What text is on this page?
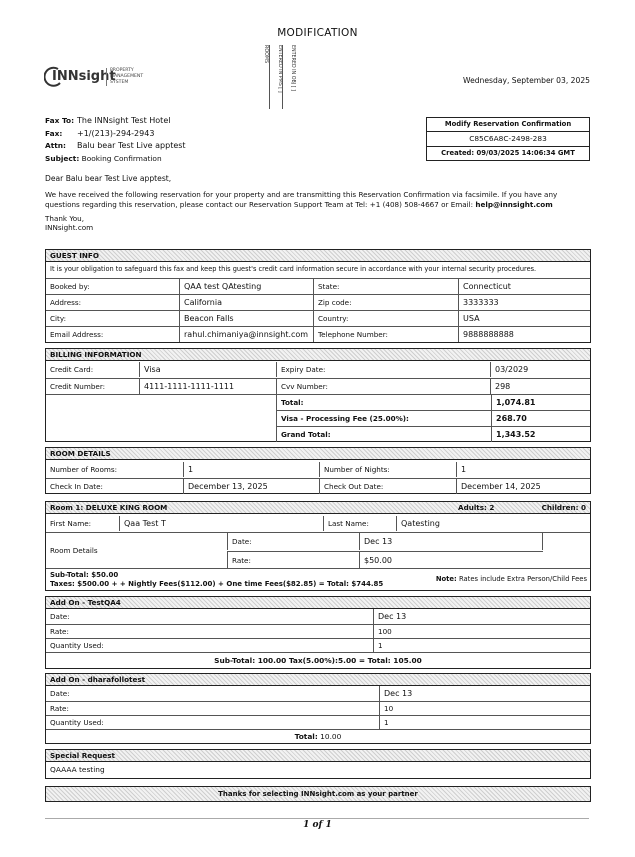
MODIFICATION
INNsight
PROPERTY
MANAGEMENT
SYSTEM
ROOMS	ENTERED IN PMS [ ]	ENTERED IN OBJ [ ]	Wednesday, September 03, 2025
Fax To: The INNsight Test Hotel
Fax: +1/(213)-294-2943
Attn: Balu bear Test Live apptest
Subject: Booking Confirmation
Modify Reservation Confirmation
C85C6A8C-2498-283
Created: 09/03/2025 14:06:34 GMT
Dear Balu bear Test Live apptest,
We have received the following reservation for your property and are transmitting this Reservation Confirmation via facsimile. If you have any questions regarding this reservation, please contact our Reservation Support Team at Tel: +1 (408) 508-4667 or Email: help@innsight.com
Thank You,
INNsight.com
GUEST INFO
It is your obligation to safeguard this fax and keep this guest's credit card information secure in accordance with your internal security procedures.
Booked by:	QAA test QAtesting	State:	Connecticut
Address:	California	Zip code:	3333333
City:	Beacon Falls	Country:	USA
Email Address:	rahul.chimaniya@innsight.com	Telephone Number:	9888888888
BILLING INFORMATION
Credit Card:	Visa	Expiry Date:	03/2029
Credit Number:	4111-1111-1111-1111	Cvv Number:	298
Total:	1,074.81
Visa - Processing Fee (25.00%):	268.70
Grand Total:	1,343.52
ROOM DETAILS
Number of Rooms:	1	Number of Nights:	1
Check In Date:	December 13, 2025	Check Out Date:	December 14, 2025
Room 1: DELUXE KING ROOM	Adults: 2	Children: 0
First Name:	Qaa Test T	Last Name:	Qatesting
Room Details
Date:	Dec 13
Rate:	$50.00
Sub-Total: $50.00
Taxes: $500.00 + + Nightly Fees($112.00) + One time Fees($82.85) = Total: $744.85
Note: Rates include Extra Person/Child Fees
Add On - TestQA4
Date:	Dec 13
Rate:	100
Quantity Used:	1
Sub-Total: 100.00 Tax(5.00%):5.00 = Total: 105.00
Add On - dharafollotest
Date:	Dec 13
Rate:	10
Quantity Used:	1
Total: 10.00
Special Request
QAAAA testing
Thanks for selecting INNsight.com as your partner
1 of 1
